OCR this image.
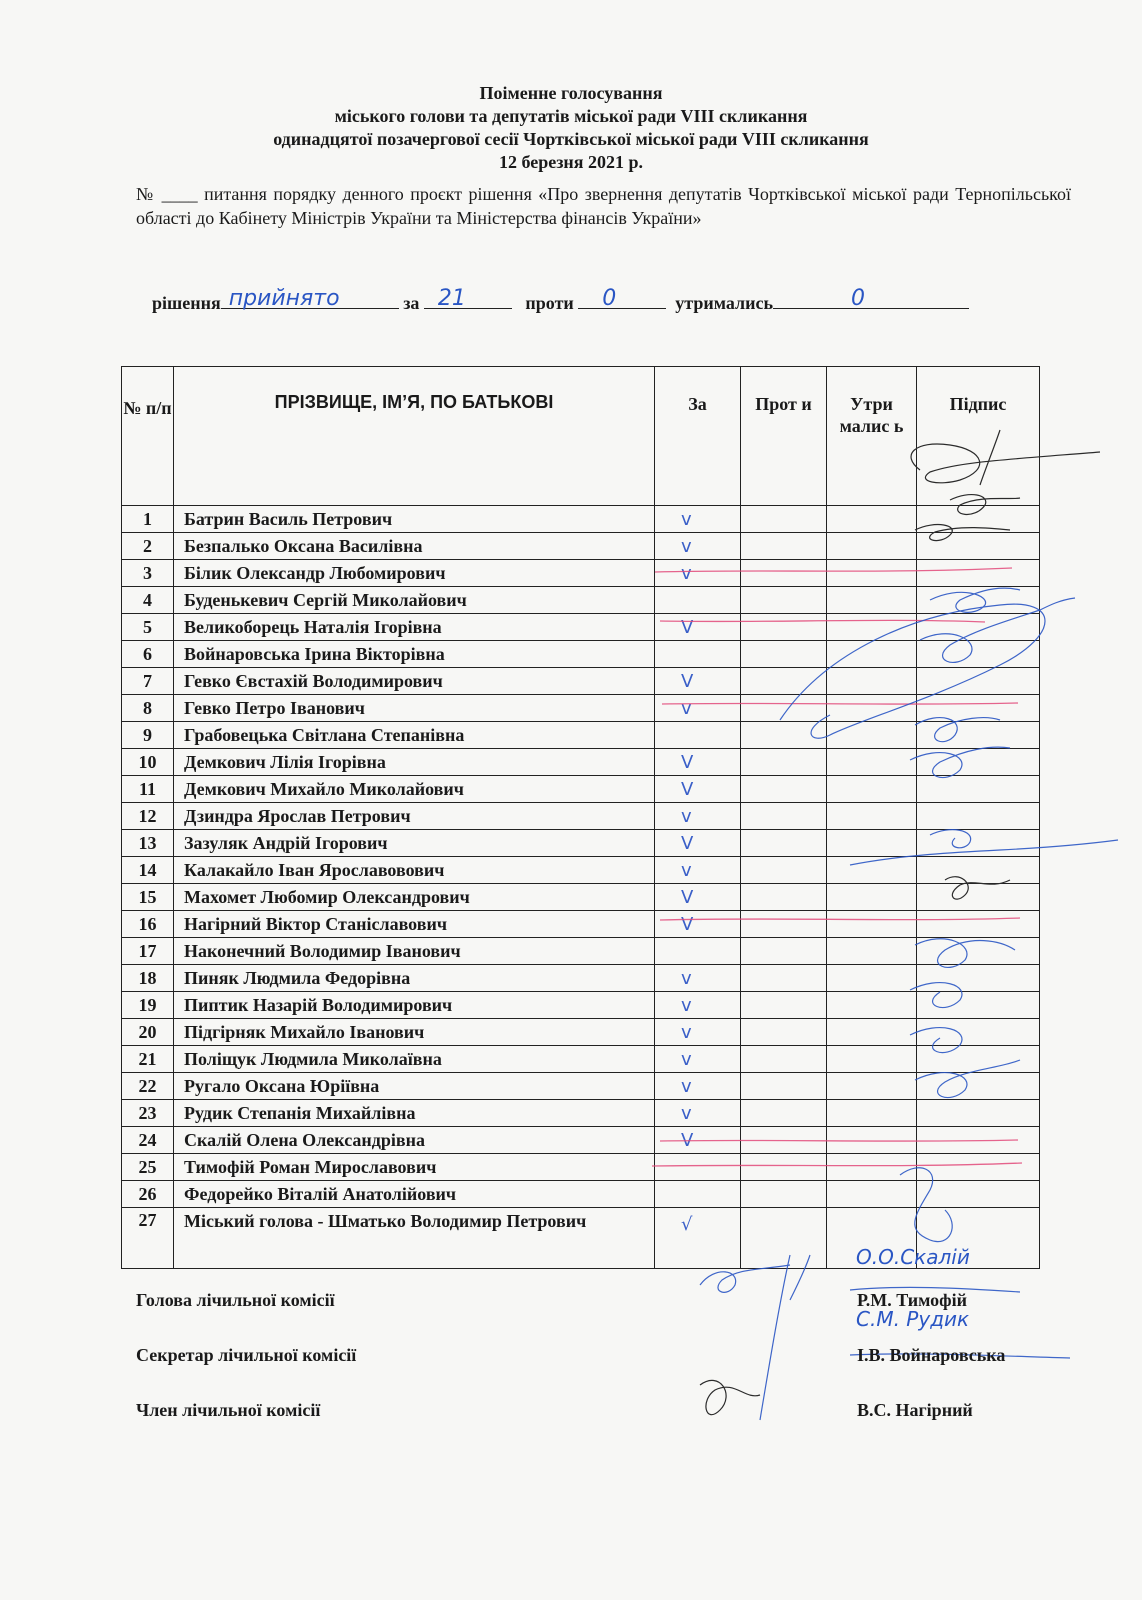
Поіменне голосування
міського голови та депутатів міської ради VIII скликання
одинадцятої позачергової сесії Чортківської міської ради VIII скликання
12 березня 2021 р.
№ ____ питання порядку денного проєкт рішення «Про звернення депутатів Чортківської міської ради Тернопільської області до Кабінету Міністрів України та Міністерства фінансів України»
рішення прийнято	за 21	проти 0	утримались	0
№ п/п	ПРІЗВИЩЕ, ІМ’Я, ПО БАТЬКОВІ	За	Прот и	Утри малис ь	Підпис
1	Батрин Василь Петрович	v			
2	Безпалько Оксана Василівна	v			
3	Білик Олександр Любомирович	v			
4	Буденькевич Сергій Миколайович				
5	Великоборець Наталія Ігорівна	V			
6	Войнаровська Ірина Вікторівна				
7	Гевко Євстахій Володимирович	V			
8	Гевко Петро Іванович	v			
9	Грабовецька Світлана Степанівна				
10	Демкович Лілія Ігорівна	V			
11	Демкович Михайло Миколайович	V			
12	Дзиндра Ярослав Петрович	v			
13	Зазуляк Андрій Ігорович	V			
14	Калакайло Іван Ярославовович	v			
15	Махомет Любомир Олександрович	V			
16	Нагірний Віктор Станіславович	V			
17	Наконечний Володимир Іванович				
18	Пиняк Людмила Федорівна	v			
19	Пиптик Назарій Володимирович	v			
20	Підгірняк Михайло Іванович	v			
21	Поліщук Людмила Миколаївна	v			
22	Ругало Оксана Юріївна	v			
23	Рудик Степанія Михайлівна	v			
24	Скалій Олена Олександрівна	V			
25	Тимофій Роман Мирославович				
26	Федорейко Віталій Анатолійович				
27	Міський голова - Шматько Володимир Петрович	√			
О.О.Скалій
С.М. Рудик
Голова лічильної комісії	Р.М. Тимофій
Секретар лічильної комісії	І.В. Войнаровська
Член лічильної комісії	В.С. Нагірний
